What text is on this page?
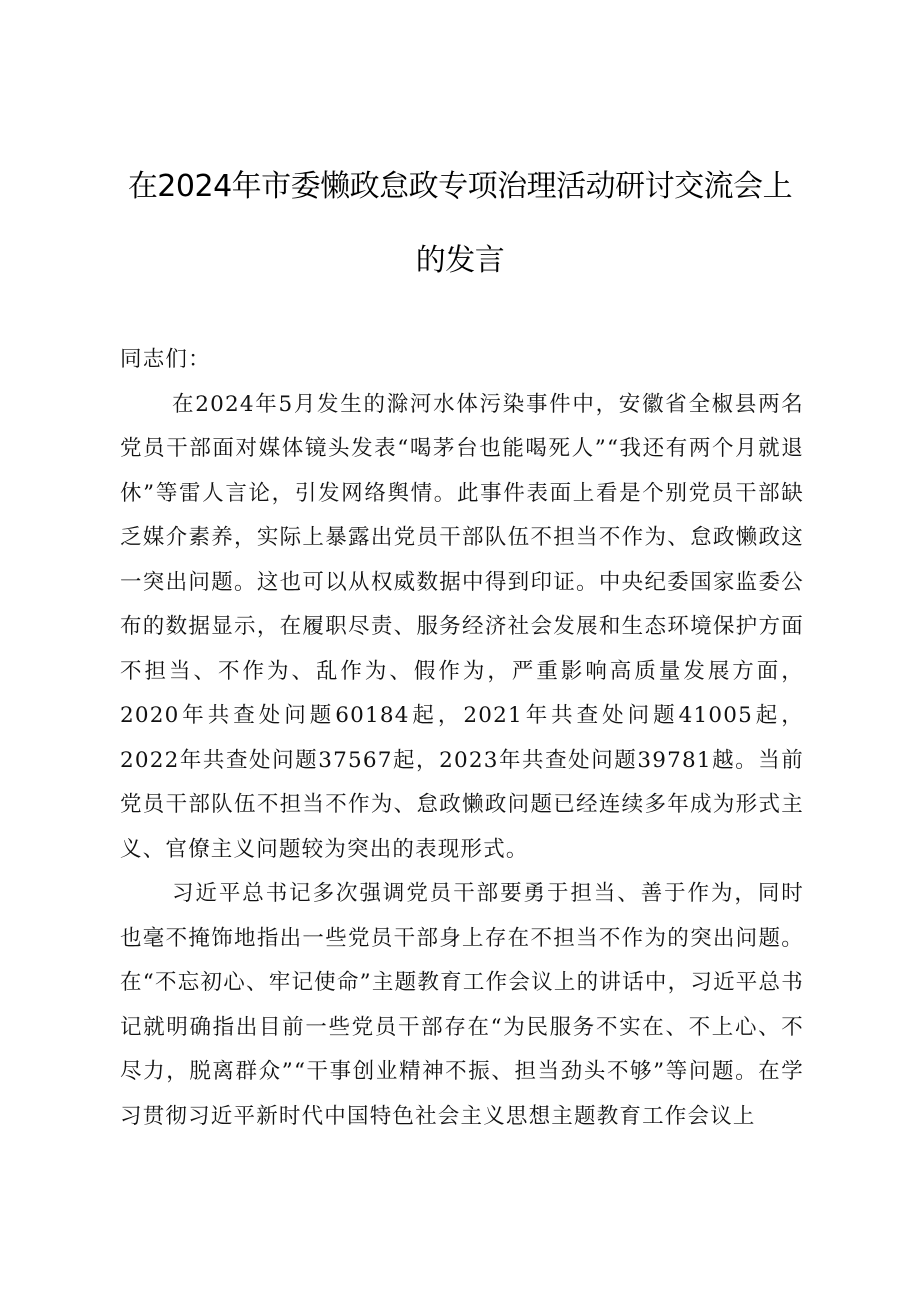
在2024年市委懒政怠政专项治理活动研讨交流会上的发言

同志们：

在2024年5月发生的滁河水体污染事件中，安徽省全椒县两名党员干部面对媒体镜头发表“喝茅台也能喝死人”“我还有两个月就退休”等雷人言论，引发网络舆情。此事件表面上看是个别党员干部缺乏媒介素养，实际上暴露出党员干部队伍不担当不作为、怠政懒政这一突出问题。这也可以从权威数据中得到印证。中央纪委国家监委公布的数据显示，在履职尽责、服务经济社会发展和生态环境保护方面不担当、不作为、乱作为、假作为，严重影响高质量发展方面，2020年共查处问题60184起，2021年共查处问题41005起，2022年共查处问题37567起，2023年共查处问题39781越。当前党员干部队伍不担当不作为、怠政懒政问题已经连续多年成为形式主义、官僚主义问题较为突出的表现形式。

习近平总书记多次强调党员干部要勇于担当、善于作为，同时也毫不掩饰地指出一些党员干部身上存在不担当不作为的突出问题。在“不忘初心、牢记使命”主题教育工作会议上的讲话中，习近平总书记就明确指出目前一些党员干部存在“为民服务不实在、不上心、不尽力，脱离群众”“干事创业精神不振、担当劲头不够”等问题。在学习贯彻习近平新时代中国特色社会主义思想主题教育工作会议上
